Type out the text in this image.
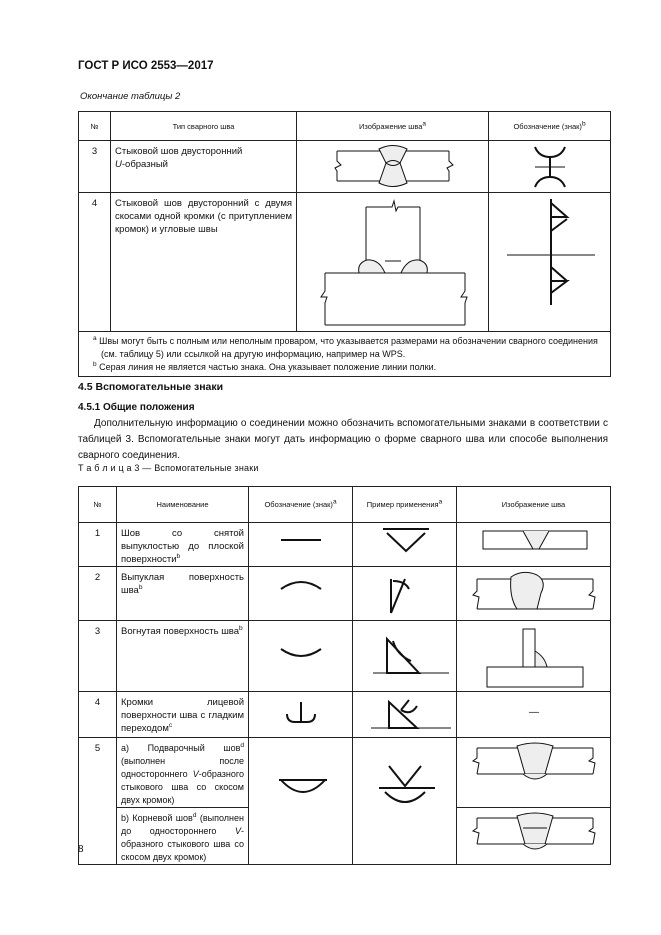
ГОСТ Р ИСО 2553—2017
Окончание таблицы 2
№	Тип сварного шва	Изображение шва$^a$	Обозначение (знак)$^b$
3	Стыковой шов двусторонний
U-образный	

4	Стыковой шов двусторонний с двумя скосами одной кромки (с притуплением кромок) и угловые швы	

$^a$ Швы могут быть с полным или неполным проваром, что указывается размерами на обозначении сварного соединения (см. таблицу 5) или ссылкой на другую информацию, например на WPS.

$^b$ Серая линия не является частью знака. Она указывает положение линии полки.			

4.5 Вспомогательные знаки
4.5.1 Общие положения
Дополнительную информацию о соединении можно обозначить вспомогательными знаками в соответствии с таблицей 3. Вспомогательные знаки могут дать информацию о форме сварного шва или способе выполнения сварного соединения.
Т а б л и ц а 3 — Вспомогательные знаки
№	Наименование	Обозначение (знак)$^a$	Пример применения$^a$	Изображение шва
1	Шов со снятой выпуклостью до плоской поверхности$^b$	

2	Выпуклая поверхность шва$^b$	

3	Вогнутая поверхность шва$^b$	

4	Кромки лицевой поверхности шва с гладким переходом$^c$			—

5	а) Подварочный шов$^d$ (выполнен после одностороннего V-образного стыкового шва со скосом двух кромок)	

	b) Корневой шов$^d$ (выполнен до одностороннего V-образного стыкового шва со скосом двух кромок)	
8
